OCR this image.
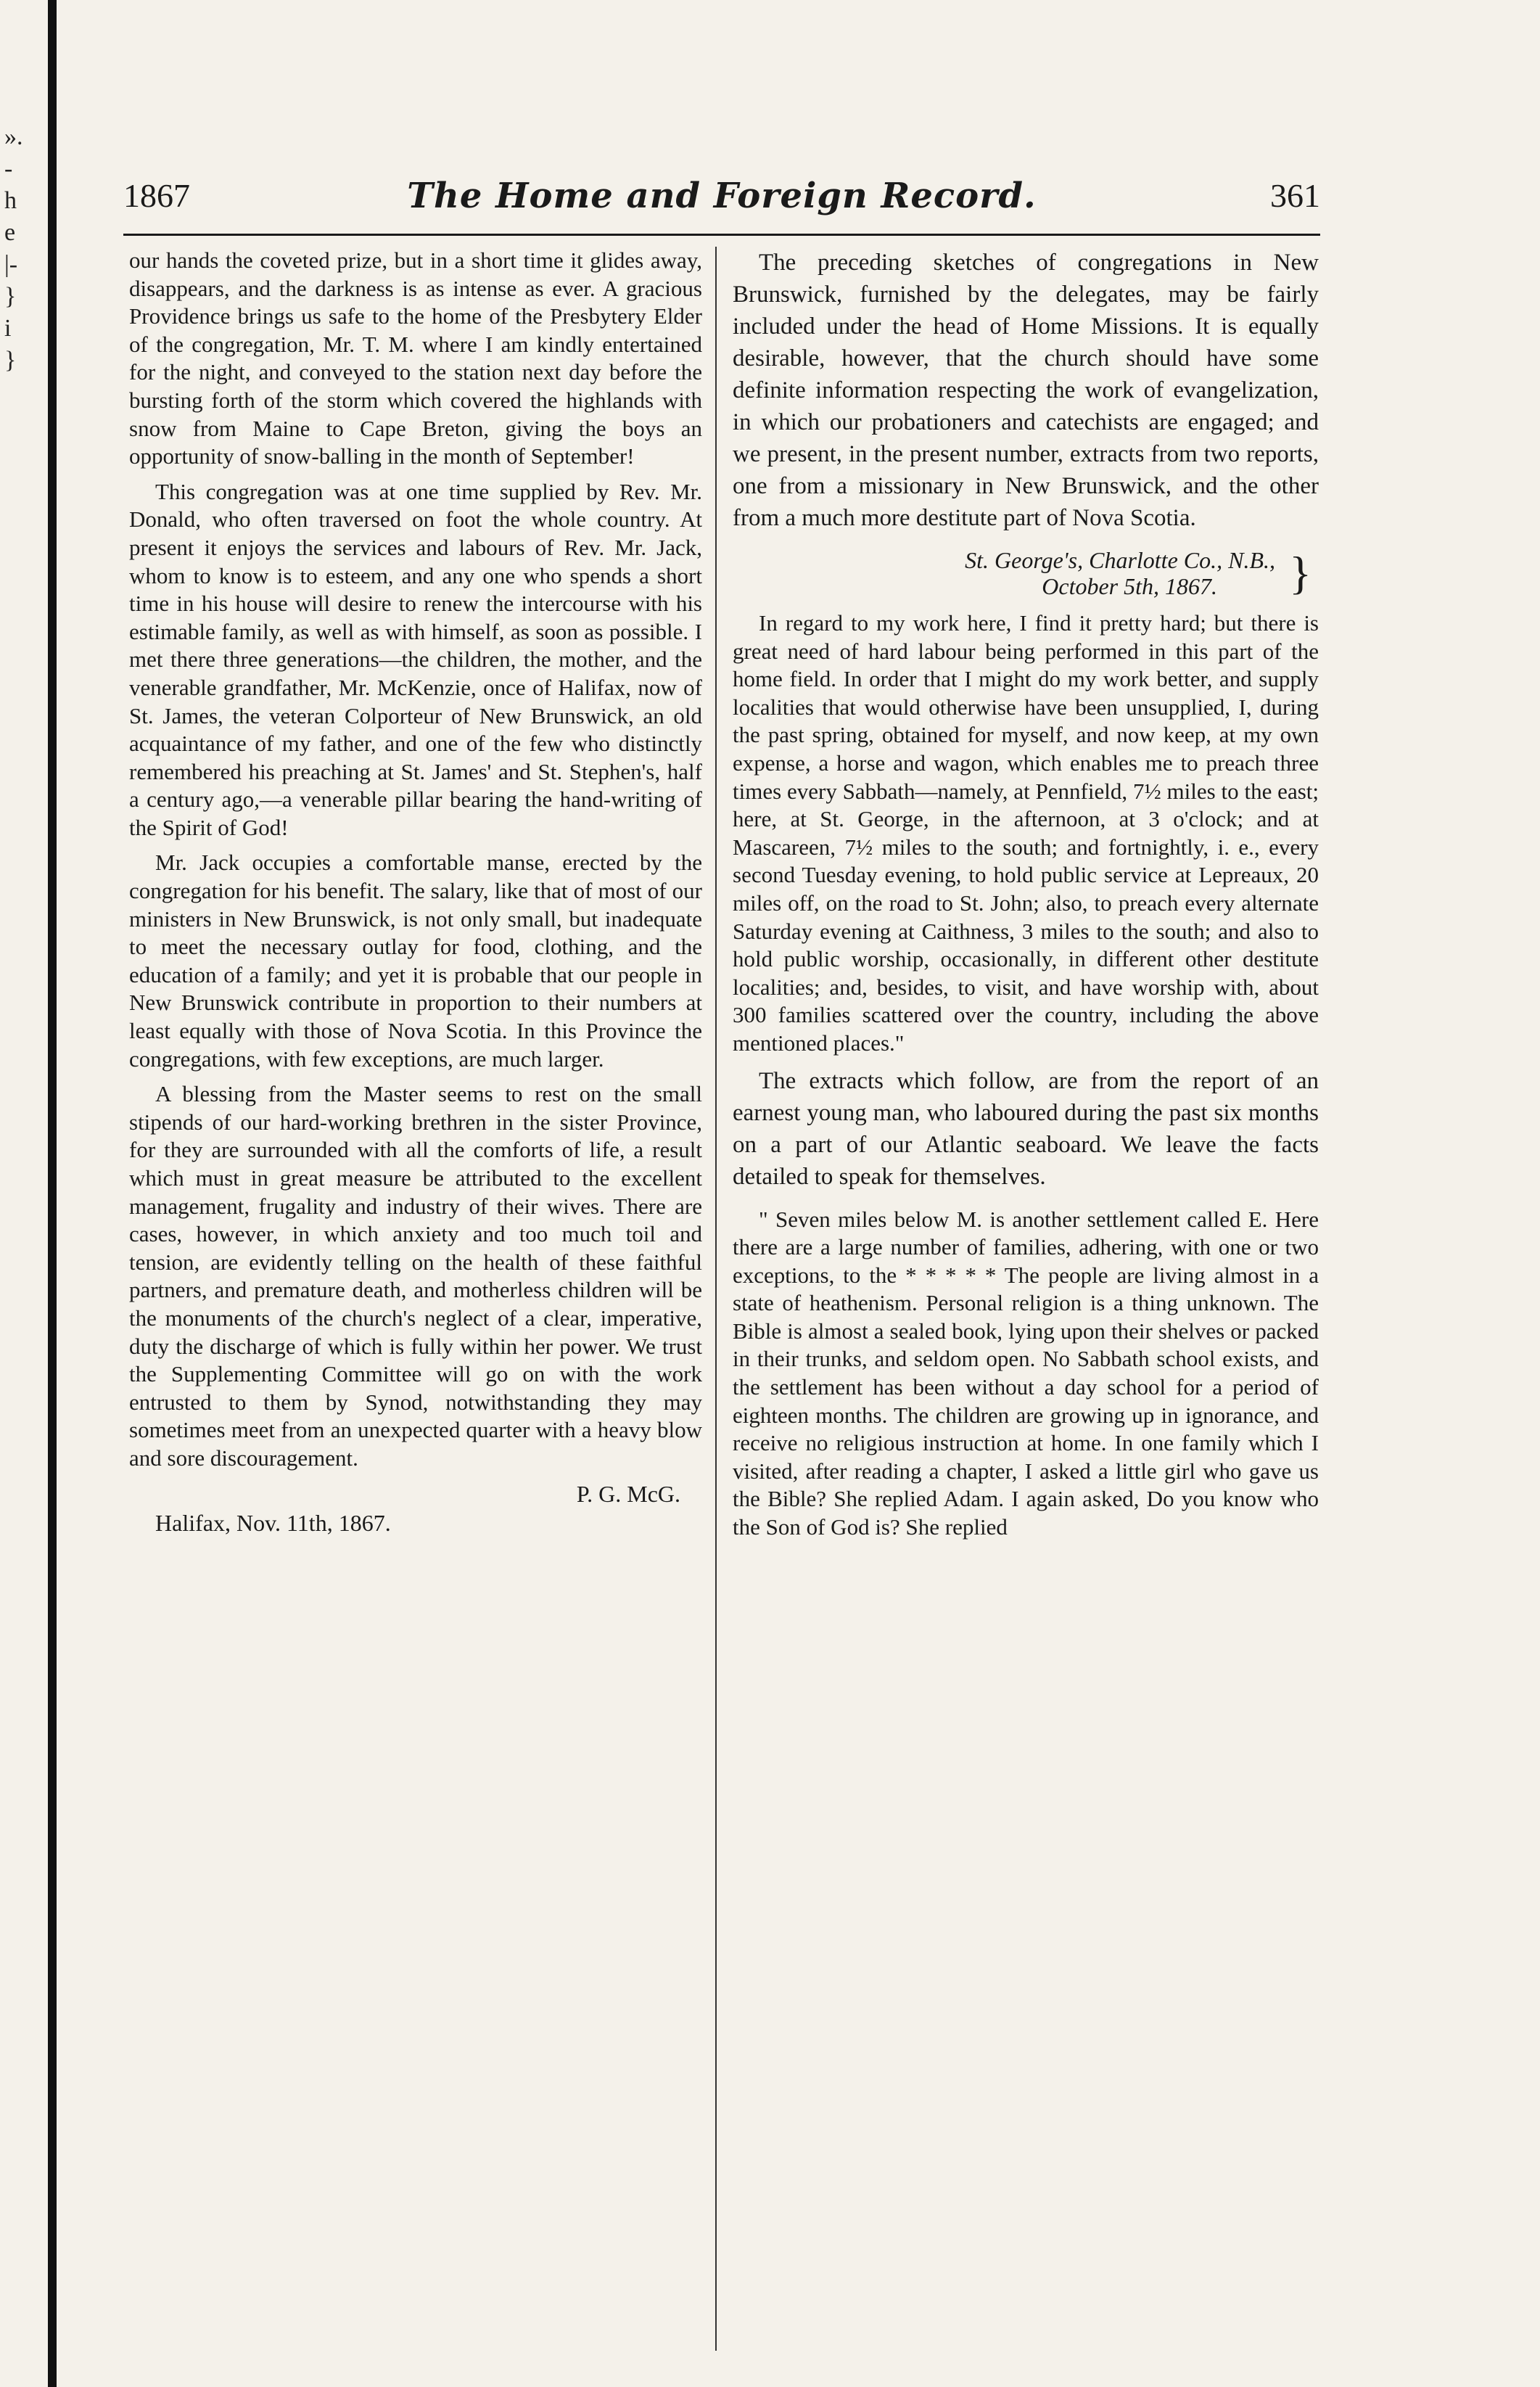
».
-
h
e
|-
}
i
}
1867	The Home and Foreign Record.	361

our hands the coveted prize, but in a short time it glides away, disappears, and the darkness is as intense as ever. A gracious Providence brings us safe to the home of the Presbytery Elder of the congregation, Mr. T. M. where I am kindly entertained for the night, and conveyed to the station next day before the bursting forth of the storm which covered the highlands with snow from Maine to Cape Breton, giving the boys an opportunity of snow-balling in the month of September!

This congregation was at one time supplied by Rev. Mr. Donald, who often traversed on foot the whole country. At present it enjoys the services and labours of Rev. Mr. Jack, whom to know is to esteem, and any one who spends a short time in his house will desire to renew the intercourse with his estimable family, as well as with himself, as soon as possible. I met there three generations—the children, the mother, and the venerable grandfather, Mr. McKenzie, once of Halifax, now of St. James, the veteran Colporteur of New Brunswick, an old acquaintance of my father, and one of the few who distinctly remembered his preaching at St. James' and St. Stephen's, half a century ago,—a venerable pillar bearing the hand-writing of the Spirit of God!

Mr. Jack occupies a comfortable manse, erected by the congregation for his benefit. The salary, like that of most of our ministers in New Brunswick, is not only small, but inadequate to meet the necessary outlay for food, clothing, and the education of a family; and yet it is probable that our people in New Brunswick contribute in proportion to their numbers at least equally with those of Nova Scotia. In this Province the congregations, with few exceptions, are much larger.

A blessing from the Master seems to rest on the small stipends of our hard-working brethren in the sister Province, for they are surrounded with all the comforts of life, a result which must in great measure be attributed to the excellent management, frugality and industry of their wives. There are cases, however, in which anxiety and too much toil and tension, are evidently telling on the health of these faithful partners, and premature death, and motherless children will be the monuments of the church's neglect of a clear, imperative, duty the discharge of which is fully within her power. We trust the Supplementing Committee will go on with the work entrusted to them by Synod, notwithstanding they may sometimes meet from an unexpected quarter with a heavy blow and sore discouragement.

P. G. McG.
Halifax, Nov. 11th, 1867.

The preceding sketches of congregations in New Brunswick, furnished by the delegates, may be fairly included under the head of Home Missions. It is equally desirable, however, that the church should have some definite information respecting the work of evangelization, in which our probationers and catechists are engaged; and we present, in the present number, extracts from two reports, one from a missionary in New Brunswick, and the other from a much more destitute part of Nova Scotia.

St. George's, Charlotte Co., N.B.,
October 5th, 1867.	}

In regard to my work here, I find it pretty hard; but there is great need of hard labour being performed in this part of the home field. In order that I might do my work better, and supply localities that would otherwise have been unsupplied, I, during the past spring, obtained for myself, and now keep, at my own expense, a horse and wagon, which enables me to preach three times every Sabbath—namely, at Pennfield, 7½ miles to the east; here, at St. George, in the afternoon, at 3 o'clock; and at Mascareen, 7½ miles to the south; and fortnightly, i. e., every second Tuesday evening, to hold public service at Lepreaux, 20 miles off, on the road to St. John; also, to preach every alternate Saturday evening at Caithness, 3 miles to the south; and also to hold public worship, occasionally, in different other destitute localities; and, besides, to visit, and have worship with, about 300 families scattered over the country, including the above mentioned places."

The extracts which follow, are from the report of an earnest young man, who laboured during the past six months on a part of our Atlantic seaboard. We leave the facts detailed to speak for themselves.

" Seven miles below M. is another settlement called E. Here there are a large number of families, adhering, with one or two exceptions, to the * * * * * The people are living almost in a state of heathenism. Personal religion is a thing unknown. The Bible is almost a sealed book, lying upon their shelves or packed in their trunks, and seldom open. No Sabbath school exists, and the settlement has been without a day school for a period of eighteen months. The children are growing up in ignorance, and receive no religious instruction at home. In one family which I visited, after reading a chapter, I asked a little girl who gave us the Bible? She replied Adam. I again asked, Do you know who the Son of God is? She replied
